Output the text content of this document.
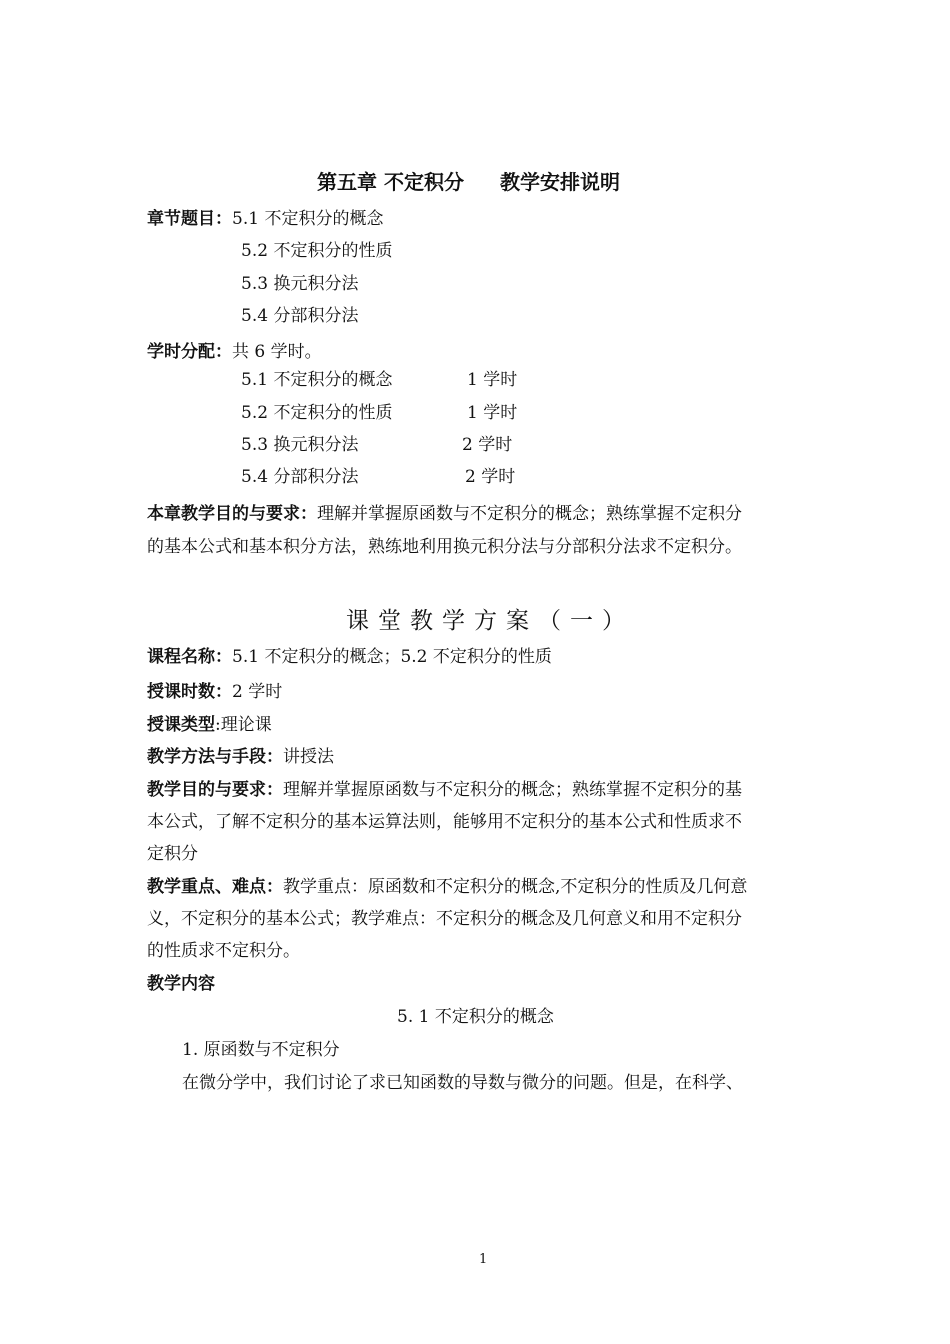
第五章 不定积分 教学安排说明
章节题目：5.1 不定积分的概念
5.2 不定积分的性质
5.3 换元积分法
5.4 分部积分法
学时分配：共 6 学时。
5.1 不定积分的概念	1 学时
5.2 不定积分的性质	1 学时
5.3 换元积分法	2 学时
5.4 分部积分法	2 学时
本章教学目的与要求：理解并掌握原函数与不定积分的概念；熟练掌握不定积分
的基本公式和基本积分方法，熟练地利用换元积分法与分部积分法求不定积分。
课堂教学方案（一）
课程名称：5.1 不定积分的概念；5.2 不定积分的性质
授课时数：2 学时
授课类型:理论课
教学方法与手段：讲授法
教学目的与要求：理解并掌握原函数与不定积分的概念；熟练掌握不定积分的基
本公式，了解不定积分的基本运算法则，能够用不定积分的基本公式和性质求不
定积分
教学重点、难点：教学重点：原函数和不定积分的概念,不定积分的性质及几何意
义，不定积分的基本公式；教学难点：不定积分的概念及几何意义和用不定积分
的性质求不定积分。
教学内容
5. 1 不定积分的概念
1. 原函数与不定积分
在微分学中，我们讨论了求已知函数的导数与微分的问题。但是，在科学、
1
